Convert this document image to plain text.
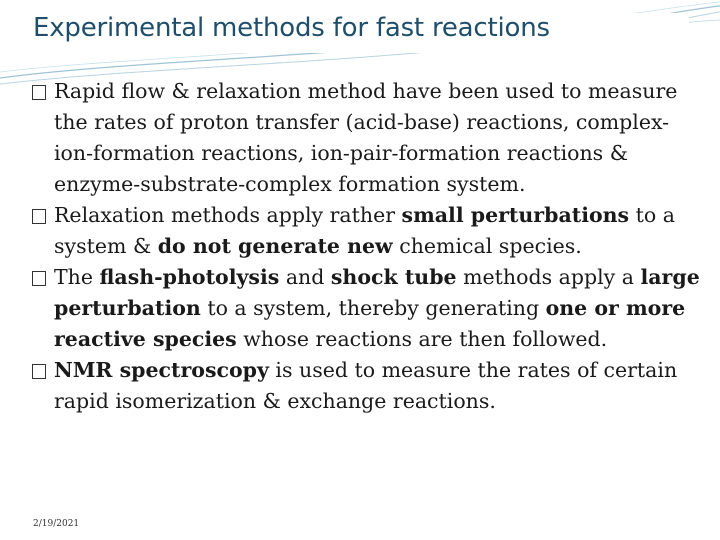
Experimental methods for fast reactions
Rapid flow & relaxation method have been used to measure the rates of proton transfer (acid-base) reactions, complex-ion-formation reactions, ion-pair-formation reactions & enzyme-substrate-complex formation system.
Relaxation methods apply rather small perturbations to a system & do not generate new chemical species.
The flash-photolysis and shock tube methods apply a large perturbation to a system, thereby generating one or more reactive species whose reactions are then followed.
NMR spectroscopy is used to measure the rates of certain rapid isomerization & exchange reactions.
2/19/2021
